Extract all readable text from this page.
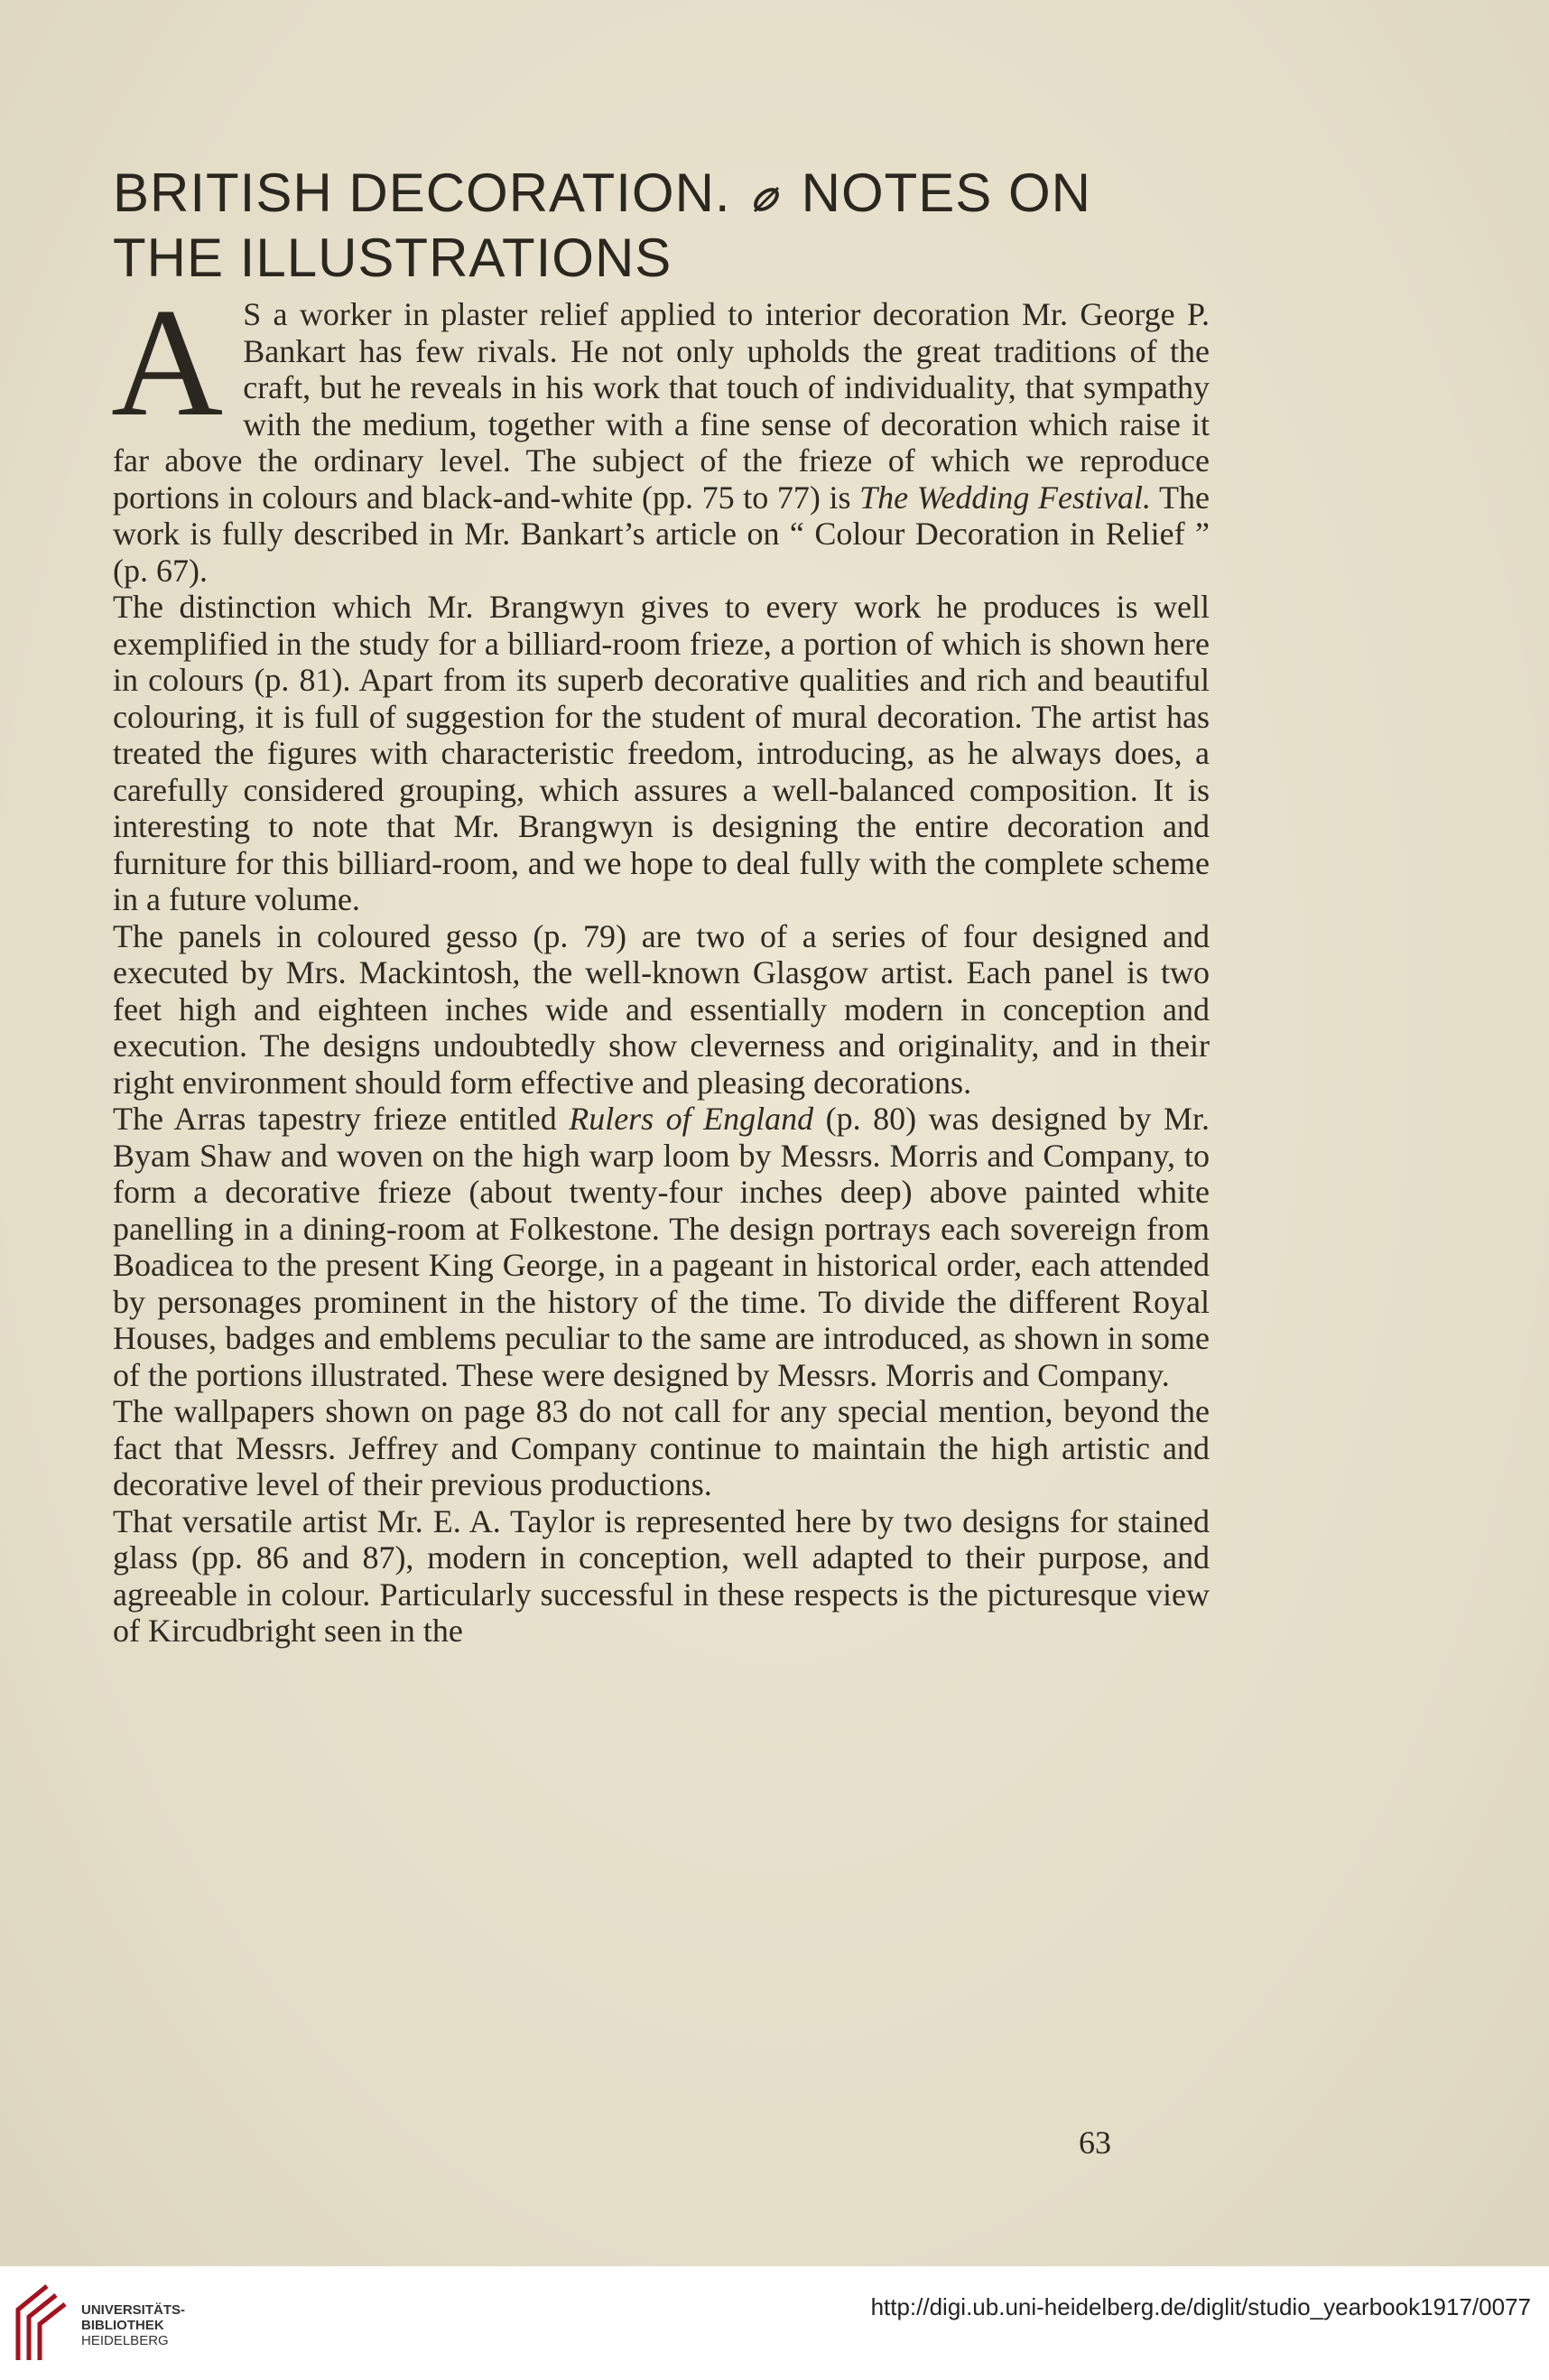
BRITISH DECORATION. NOTES ON
THE ILLUSTRATIONS

A S a worker in plaster relief applied to interior decoration Mr. George P. Bankart has few rivals. He not only upholds the great traditions of the craft, but he reveals in his work that touch of individuality, that sympathy with the medium, together with a fine sense of decoration which raise it far above the ordinary level. The subject of the frieze of which we reproduce portions in colours and black-and-white (pp. 75 to 77) is The Wedding Festival. The work is fully described in Mr. Bankart’s article on “ Colour Decoration in Relief ” (p. 67).

The distinction which Mr. Brangwyn gives to every work he produces is well exemplified in the study for a billiard-room frieze, a portion of which is shown here in colours (p. 81). Apart from its superb decorative qualities and rich and beautiful colouring, it is full of suggestion for the student of mural decoration. The artist has treated the figures with characteristic freedom, introducing, as he always does, a carefully considered grouping, which assures a well-balanced composition. It is interesting to note that Mr. Brangwyn is designing the entire decoration and furniture for this billiard-room, and we hope to deal fully with the complete scheme in a future volume.

The panels in coloured gesso (p. 79) are two of a series of four designed and executed by Mrs. Mackintosh, the well-known Glasgow artist. Each panel is two feet high and eighteen inches wide and essentially modern in conception and execution. The designs undoubtedly show cleverness and originality, and in their right environment should form effective and pleasing decorations.

The Arras tapestry frieze entitled Rulers of England (p. 80) was designed by Mr. Byam Shaw and woven on the high warp loom by Messrs. Morris and Company, to form a decorative frieze (about twenty-four inches deep) above painted white panelling in a dining-room at Folkestone. The design portrays each sovereign from Boadicea to the present King George, in a pageant in historical order, each attended by personages prominent in the history of the time. To divide the different Royal Houses, badges and emblems peculiar to the same are introduced, as shown in some of the portions illustrated. These were designed by Messrs. Morris and Company.

The wallpapers shown on page 83 do not call for any special mention, beyond the fact that Messrs. Jeffrey and Company continue to maintain the high artistic and decorative level of their previous productions.

That versatile artist Mr. E. A. Taylor is represented here by two designs for stained glass (pp. 86 and 87), modern in conception, well adapted to their purpose, and agreeable in colour. Particularly successful in these respects is the picturesque view of Kircudbright seen in the

63
UNIVERSITÄTS-
BIBLIOTHEK
HEIDELBERG
http://digi.ub.uni-heidelberg.de/diglit/studio_yearbook1917/0077
